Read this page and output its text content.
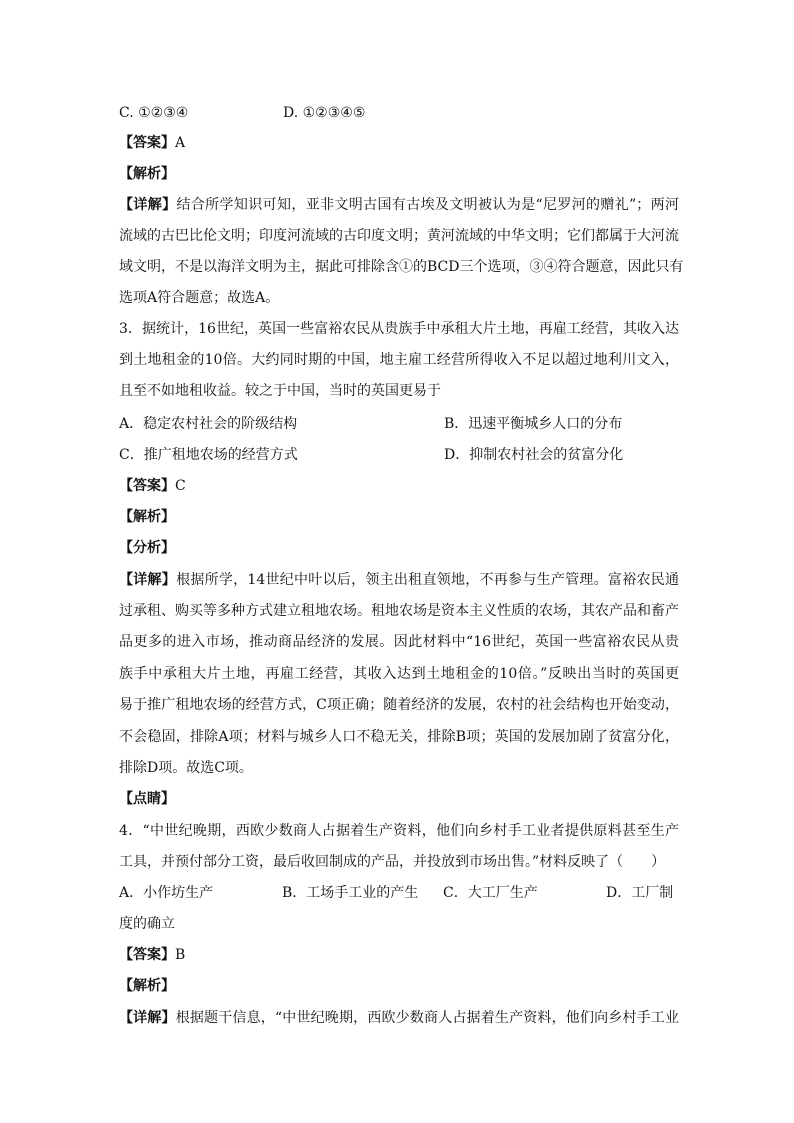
C. ①②③④	D. ①②③④⑤
【答案】A
【解析】
【详解】结合所学知识可知，亚非文明古国有古埃及文明被认为是“尼罗河的赠礼”；两河
流域的古巴比伦文明；印度河流域的古印度文明；黄河流域的中华文明；它们都属于大河流
域文明，不是以海洋文明为主，据此可排除含①的BCD三个选项，③④符合题意，因此只有
选项A符合题意；故选A。
3．据统计，16世纪，英国一些富裕农民从贵族手中承租大片土地，再雇工经营，其收入达
到土地租金的10倍。大约同时期的中国，地主雇工经营所得收入不足以超过地利川文入，
且至不如地租收益。较之于中国，当时的英国更易于
A．稳定农村社会的阶级结构	B．迅速平衡城乡人口的分布
C．推广租地农场的经营方式	D．抑制农村社会的贫富分化
【答案】C
【解析】
【分析】
【详解】根据所学，14世纪中叶以后，领主出租直领地，不再参与生产管理。富裕农民通
过承租、购买等多种方式建立租地农场。租地农场是资本主义性质的农场，其农产品和畜产
品更多的进入市场，推动商品经济的发展。因此材料中“16世纪，英国一些富裕农民从贵
族手中承租大片土地，再雇工经营，其收入达到土地租金的10倍。”反映出当时的英国更
易于推广租地农场的经营方式，C项正确；随着经济的发展，农村的社会结构也开始变动，
不会稳固，排除A项；材料与城乡人口不稳无关，排除B项；英国的发展加剧了贫富分化，
排除D项。故选C项。
【点睛】
4．“中世纪晚期，西欧少数商人占据着生产资料，他们向乡村手工业者提供原料甚至生产
工具，并预付部分工资，最后收回制成的产品，并投放到市场出售。”材料反映了（　　）
A．小作坊生产	B．工场手工业的产生 C．大工厂生产	D．工厂制
度的确立
【答案】B
【解析】
【详解】根据题干信息，“中世纪晚期，西欧少数商人占据着生产资料，他们向乡村手工业
